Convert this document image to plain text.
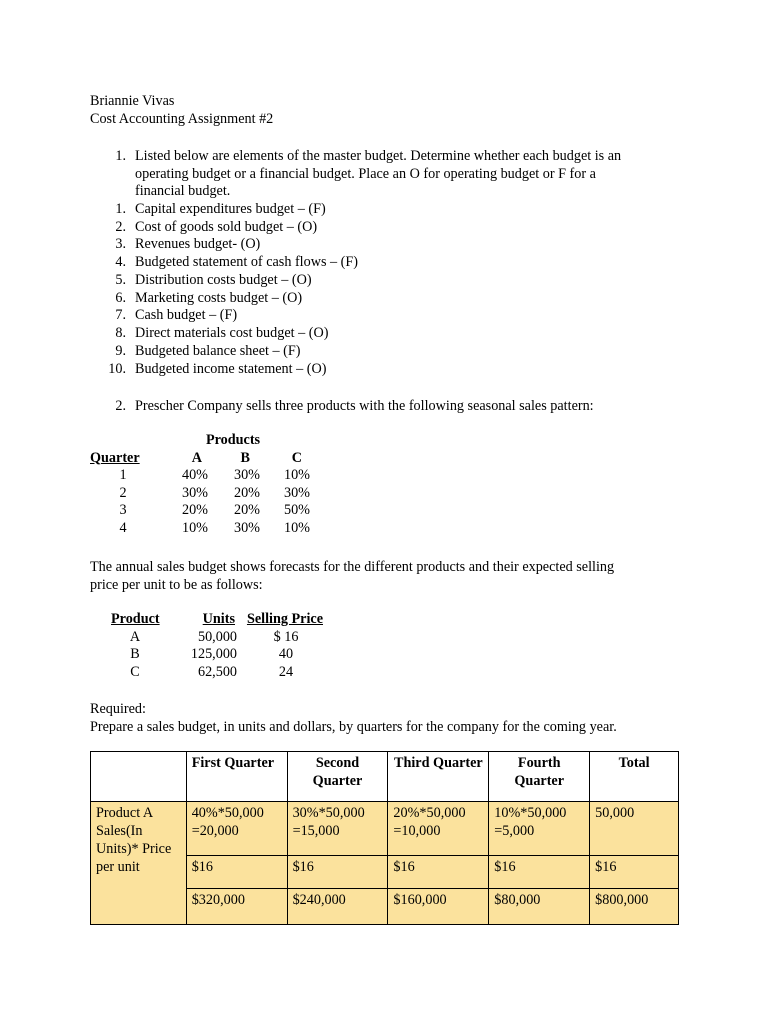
Briannie Vivas
Cost Accounting Assignment #2
1. Listed below are elements of the master budget. Determine whether each budget is an
operating budget or a financial budget. Place an O for operating budget or F for a
financial budget.
1. Capital expenditures budget – (F)
2. Cost of goods sold budget – (O)
3. Revenues budget- (O)
4. Budgeted statement of cash flows – (F)
5. Distribution costs budget – (O)
6. Marketing costs budget – (O)
7. Cash budget – (F)
8. Direct materials cost budget – (O)
9. Budgeted balance sheet – (F)
10. Budgeted income statement – (O)
2. Prescher Company sells three products with the following seasonal sales pattern:
	Products		
Quarter	A	B	C
1	40%	30%	10%
2	30%	20%	30%
3	20%	20%	50%
4	10%	30%	10%
The annual sales budget shows forecasts for the different products and their expected selling
price per unit to be as follows:
Product	Units	Selling Price
A	50,000	$ 16
B	125,000	40
C	62,500	24
Required:
Prepare a sales budget, in units and dollars, by quarters for the company for the coming year.
	First Quarter	Second Quarter	Third Quarter	Fourth Quarter	Total
Product A Sales(In Units)* Price per unit	40%*50,000 =20,000	30%*50,000 =15,000	20%*50,000 =10,000	10%*50,000 =5,000	50,000
	$16	$16	$16	$16	$16
	$320,000	$240,000	$160,000	$80,000	$800,000
